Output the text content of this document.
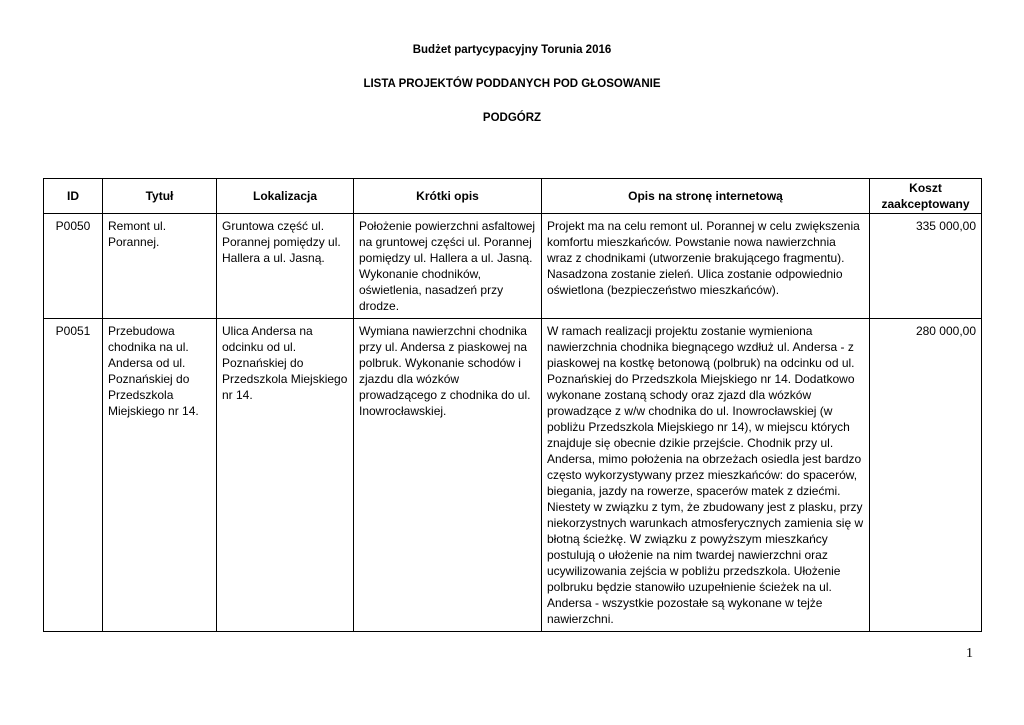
Budżet partycypacyjny Torunia 2016
LISTA PROJEKTÓW PODDANYCH POD GŁOSOWANIE
PODGÓRZ
ID	Tytuł	Lokalizacja	Krótki opis	Opis na stronę internetową	Koszt zaakceptowany
P0050	Remont ul. Porannej.	Gruntowa część ul. Porannej pomiędzy ul. Hallera a ul. Jasną.	Położenie powierzchni asfaltowej na gruntowej części ul. Porannej pomiędzy ul. Hallera a ul. Jasną. Wykonanie chodników, oświetlenia, nasadzeń przy drodze.	Projekt ma na celu remont ul. Porannej w celu zwiększenia komfortu mieszkańców. Powstanie nowa nawierzchnia wraz z chodnikami (utworzenie brakującego fragmentu). Nasadzona zostanie zieleń. Ulica zostanie odpowiednio oświetlona (bezpieczeństwo mieszkańców).	335 000,00
P0051	Przebudowa chodnika na ul. Andersa od ul. Poznańskiej do Przedszkola Miejskiego nr 14.	Ulica Andersa na odcinku od ul. Poznańskiej do Przedszkola Miejskiego nr 14.	Wymiana nawierzchni chodnika przy ul. Andersa z piaskowej na polbruk. Wykonanie schodów i zjazdu dla wózków prowadzącego z chodnika do ul. Inowrocławskiej.	W ramach realizacji projektu zostanie wymieniona nawierzchnia chodnika biegnącego wzdłuż ul. Andersa - z piaskowej na kostkę betonową (polbruk) na odcinku od ul. Poznańskiej do Przedszkola Miejskiego nr 14. Dodatkowo wykonane zostaną schody oraz zjazd dla wózków prowadzące z w/w chodnika do ul. Inowrocławskiej (w pobliżu Przedszkola Miejskiego nr 14), w miejscu których znajduje się obecnie dzikie przejście. Chodnik przy ul. Andersa, mimo położenia na obrzeżach osiedla jest bardzo często wykorzystywany przez mieszkańców: do spacerów, biegania, jazdy na rowerze, spacerów matek z dziećmi. Niestety w związku z tym, że zbudowany jest z plasku, przy niekorzystnych warunkach atmosferycznych zamienia się w błotną ścieżkę. W związku z powyższym mieszkańcy postulują o ułożenie na nim twardej nawierzchni oraz ucywilizowania zejścia w pobliżu przedszkola. Ułożenie polbruku będzie stanowiło uzupełnienie ścieżek na ul. Andersa - wszystkie pozostałe są wykonane w tejże nawierzchni.	280 000,00
1
